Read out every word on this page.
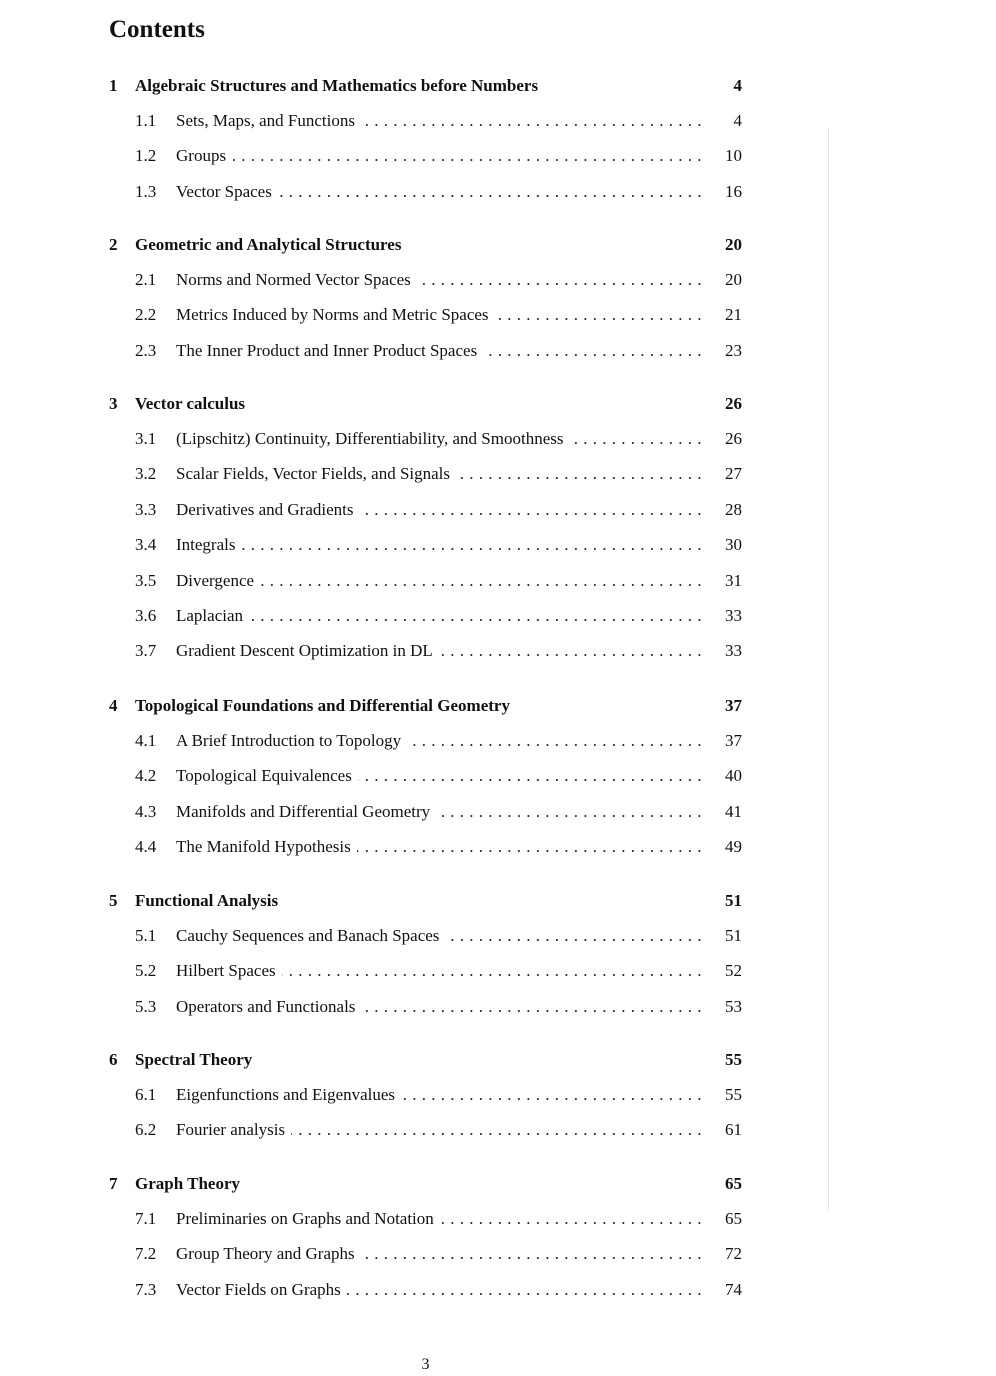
Contents
1 Algebraic Structures and Mathematics before Numbers	4
1.1 Sets, Maps, and Functions . . .	4
1.2 Groups . . .	10
1.3 Vector Spaces . . .	16
2 Geometric and Analytical Structures	20
2.1 Norms and Normed Vector Spaces . . .	20
2.2 Metrics Induced by Norms and Metric Spaces . . .	21
2.3 The Inner Product and Inner Product Spaces . . .	23
3 Vector calculus	26
3.1 (Lipschitz) Continuity, Differentiability, and Smoothness . . .	26
3.2 Scalar Fields, Vector Fields, and Signals . . .	27
3.3 Derivatives and Gradients . . .	28
3.4 Integrals . . .	30
3.5 Divergence . . .	31
3.6 Laplacian . . .	33
3.7 Gradient Descent Optimization in DL . . .	33
4 Topological Foundations and Differential Geometry	37
4.1 A Brief Introduction to Topology . . .	37
4.2 Topological Equivalences . . .	40
4.3 Manifolds and Differential Geometry . . .	41
4.4 The Manifold Hypothesis . . .	49
5 Functional Analysis	51
5.1 Cauchy Sequences and Banach Spaces . . .	51
5.2 Hilbert Spaces . . .	52
5.3 Operators and Functionals . . .	53
6 Spectral Theory	55
6.1 Eigenfunctions and Eigenvalues . . .	55
6.2 Fourier analysis . . .	61
7 Graph Theory	65
7.1 Preliminaries on Graphs and Notation . . .	65
7.2 Group Theory and Graphs . . .	72
7.3 Vector Fields on Graphs . . .	74
3
